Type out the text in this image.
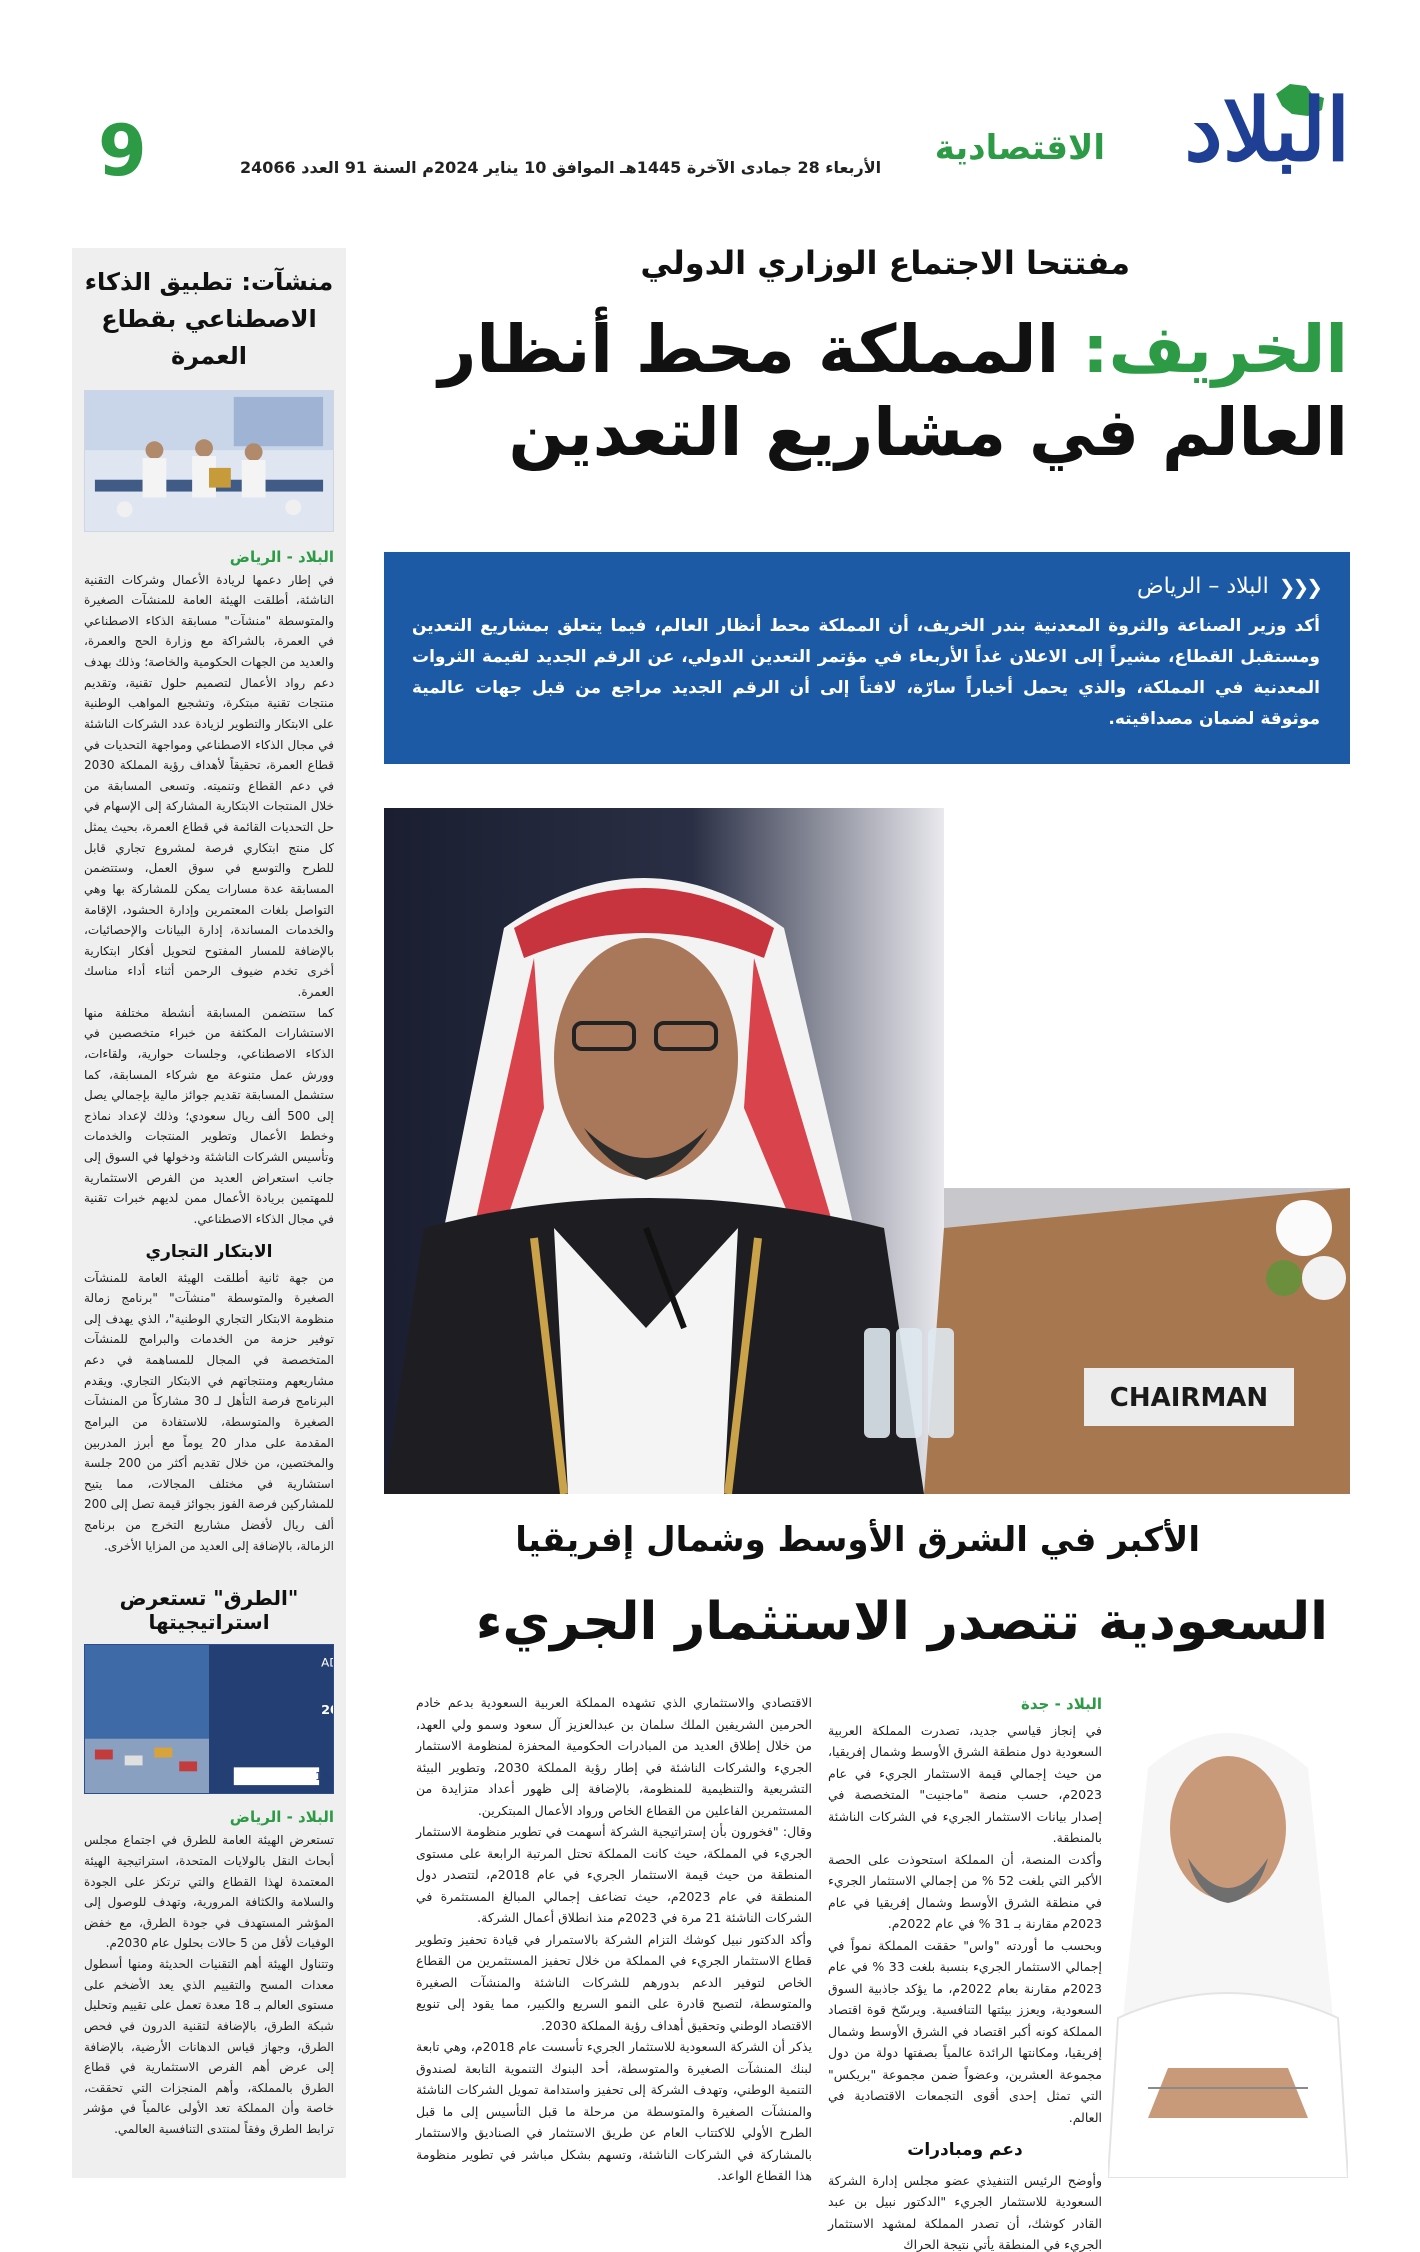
البلاد
الاقتصادية
الأربعاء 28 جمادى الآخرة 1445هـ الموافق 10 يناير 2024م السنة 91 العدد 24066
9
منشآت: تطبيق الذكاء الاصطناعي بقطاع العمرة
البلاد - الرياض

في إطار دعمها لريادة الأعمال وشركات التقنية الناشئة، أطلقت الهيئة العامة للمنشآت الصغيرة والمتوسطة "منشآت" مسابقة الذكاء الاصطناعي في العمرة، بالشراكة مع وزارة الحج والعمرة، والعديد من الجهات الحكومية والخاصة؛ وذلك بهدف دعم رواد الأعمال لتصميم حلول تقنية، وتقديم منتجات تقنية مبتكرة، وتشجيع المواهب الوطنية على الابتكار والتطوير لزيادة عدد الشركات الناشئة في مجال الذكاء الاصطناعي ومواجهة التحديات في قطاع العمرة، تحقيقاً لأهداف رؤية المملكة 2030 في دعم القطاع وتنميته. وتسعى المسابقة من خلال المنتجات الابتكارية المشاركة إلى الإسهام في حل التحديات القائمة في قطاع العمرة، بحيث يمثل كل منتج ابتكاري فرصة لمشروع تجاري قابل للطرح والتوسع في سوق العمل، وستتضمن المسابقة عدة مسارات يمكن للمشاركة بها وهي التواصل بلغات المعتمرين وإدارة الحشود، الإقامة والخدمات المساندة، إدارة البيانات والإحصائيات، بالإضافة للمسار المفتوح لتحويل أفكار ابتكارية أخرى تخدم ضيوف الرحمن أثناء أداء مناسك العمرة.

كما ستتضمن المسابقة أنشطة مختلفة منها الاستشارات المكثفة من خبراء متخصصين في الذكاء الاصطناعي، وجلسات حوارية، ولقاءات، وورش عمل متنوعة مع شركاء المسابقة، كما ستشمل المسابقة تقديم جوائز مالية بإجمالي يصل إلى 500 ألف ريال سعودي؛ وذلك لإعداد نماذج وخطط الأعمال وتطوير المنتجات والخدمات وتأسيس الشركات الناشئة ودخولها في السوق إلى جانب استعراض العديد من الفرص الاستثمارية للمهتمين بريادة الأعمال ممن لديهم خبرات تقنية في مجال الذكاء الاصطناعي.

الابتكار التجاري

من جهة ثانية أطلقت الهيئة العامة للمنشآت الصغيرة والمتوسطة "منشآت" "برنامج زمالة منظومة الابتكار التجاري الوطنية"، الذي يهدف إلى توفير حزمة من الخدمات والبرامج للمنشآت المتخصصة في المجال للمساهمة في دعم مشاريعهم ومنتجاتهم في الابتكار التجاري. ويقدم البرنامج فرصة التأهل لـ 30 مشاركاً من المنشآت الصغيرة والمتوسطة، للاستفادة من البرامج المقدمة على مدار 20 يوماً مع أبرز المدربين والمختصين، من خلال تقديم أكثر من 200 جلسة استشارية في مختلف المجالات، مما يتيح للمشاركين فرصة الفوز بجوائز قيمة تصل إلى 200 ألف ريال لأفضل مشاريع التخرج من برنامج الزمالة، بالإضافة إلى العديد من المزايا الأخرى.

"الطرق" تستعرض استراتيجيتها
A
2
16-
البلاد - الرياض

تستعرض الهيئة العامة للطرق في اجتماع مجلس أبحاث النقل بالولايات المتحدة، استراتيجية الهيئة المعتمدة لهذا القطاع والتي ترتكز على الجودة والسلامة والكثافة المرورية، وتهدف للوصول إلى المؤشر المستهدف في جودة الطرق، مع خفض الوفيات لأقل من 5 حالات بحلول عام 2030م.

وتتناول الهيئة أهم التقنيات الحديثة ومنها أسطول معدات المسح والتقييم الذي يعد الأضخم على مستوى العالم بـ 18 معدة تعمل على تقييم وتحليل شبكة الطرق، بالإضافة لتقنية الدرون في فحص الطرق، وجهاز قياس الدهانات الأرضية، بالإضافة إلى عرض أهم الفرص الاستثمارية في قطاع الطرق بالمملكة، وأهم المنجزات التي تحققت، خاصة وأن المملكة تعد الأولى عالمياً في مؤشر ترابط الطرق وفقاً لمنتدى التنافسية العالمي.

مفتتحا الاجتماع الوزاري الدولي
الخريف: المملكة محط أنظار العالم في مشاريع التعدين
❮❮❮
البلاد – الرياض

أكد وزير الصناعة والثروة المعدنية بندر الخريف، أن المملكة محط أنظار العالم، فيما يتعلق بمشاريع التعدين ومستقبل القطاع، مشيراً إلى الاعلان غداً الأربعاء في مؤتمر التعدين الدولي، عن الرقم الجديد لقيمة الثروات المعدنية في المملكة، والذي يحمل أخباراً سارّة، لافتاً إلى أن الرقم الجديد مراجع من قبل جهات عالمية موثوقة لضمان مصداقيته.

CHAIRMAN
الأكبر في الشرق الأوسط وشمال إفريقيا
السعودية تتصدر الاستثمار الجريء
البلاد - جدة

في إنجاز قياسي جديد، تصدرت المملكة العربية السعودية دول منطقة الشرق الأوسط وشمال إفريقيا، من حيث إجمالي قيمة الاستثمار الجريء في عام 2023م، حسب منصة "ماجنيت" المتخصصة في إصدار بيانات الاستثمار الجريء في الشركات الناشئة بالمنطقة.

وأكدت المنصة، أن المملكة استحوذت على الحصة الأكبر التي بلغت 52 % من إجمالي الاستثمار الجريء في منطقة الشرق الأوسط وشمال إفريقيا في عام 2023م مقارنة بـ 31 % في عام 2022م.

وبحسب ما أوردته "واس" حققت المملكة نمواً في إجمالي الاستثمار الجريء بنسبة بلغت 33 % في عام 2023م مقارنة بعام 2022م، ما يؤكد جاذبية السوق السعودية، ويعزز بيئتها التنافسية. ويرسّخ قوة اقتصاد المملكة كونه أكبر اقتصاد في الشرق الأوسط وشمال إفريقيا، ومكانتها الرائدة عالمياً بصفتها دولة من دول مجموعة العشرين، وعضواً ضمن مجموعة "بريكس" التي تمثل إحدى أقوى التجمعات الاقتصادية في العالم.

دعم ومبادرات

وأوضح الرئيس التنفيذي عضو مجلس إدارة الشركة السعودية للاستثمار الجريء "الدكتور نبيل بن عبد القادر كوشك، أن تصدر المملكة لمشهد الاستثمار الجريء في المنطقة يأتي نتيجة الحراك

الاقتصادي والاستثماري الذي تشهده المملكة العربية السعودية بدعم خادم الحرمين الشريفين الملك سلمان بن عبدالعزيز آل سعود وسمو ولي العهد، من خلال إطلاق العديد من المبادرات الحكومية المحفزة لمنظومة الاستثمار الجريء والشركات الناشئة في إطار رؤية المملكة 2030، وتطوير البيئة التشريعية والتنظيمية للمنظومة، بالإضافة إلى ظهور أعداد متزايدة من المستثمرين الفاعلين من القطاع الخاص ورواد الأعمال المبتكرين.

وقال: "فخورون بأن إستراتيجية الشركة أسهمت في تطوير منظومة الاستثمار الجريء في المملكة، حيث كانت المملكة تحتل المرتبة الرابعة على مستوى المنطقة من حيث قيمة الاستثمار الجريء في عام 2018م، لتتصدر دول المنطقة في عام 2023م، حيث تضاعف إجمالي المبالغ المستثمرة في الشركات الناشئة 21 مرة في 2023م منذ انطلاق أعمال الشركة.

وأكد الدكتور نبيل كوشك التزام الشركة بالاستمرار في قيادة تحفيز وتطوير قطاع الاستثمار الجريء في المملكة من خلال تحفيز المستثمرين من القطاع الخاص لتوفير الدعم بدورهم للشركات الناشئة والمنشآت الصغيرة والمتوسطة، لتصبح قادرة على النمو السريع والكبير، مما يقود إلى تنويع الاقتصاد الوطني وتحقيق أهداف رؤية المملكة 2030.

يذكر أن الشركة السعودية للاستثمار الجريء تأسست عام 2018م، وهي تابعة لبنك المنشآت الصغيرة والمتوسطة، أحد البنوك التنموية التابعة لصندوق التنمية الوطني، وتهدف الشركة إلى تحفيز واستدامة تمويل الشركات الناشئة والمنشآت الصغيرة والمتوسطة من مرحلة ما قبل التأسيس إلى ما قبل الطرح الأولي للاكتتاب العام عن طريق الاستثمار في الصناديق والاستثمار بالمشاركة في الشركات الناشئة، وتسهم بشكل مباشر في تطوير منظومة هذا القطاع الواعد.
